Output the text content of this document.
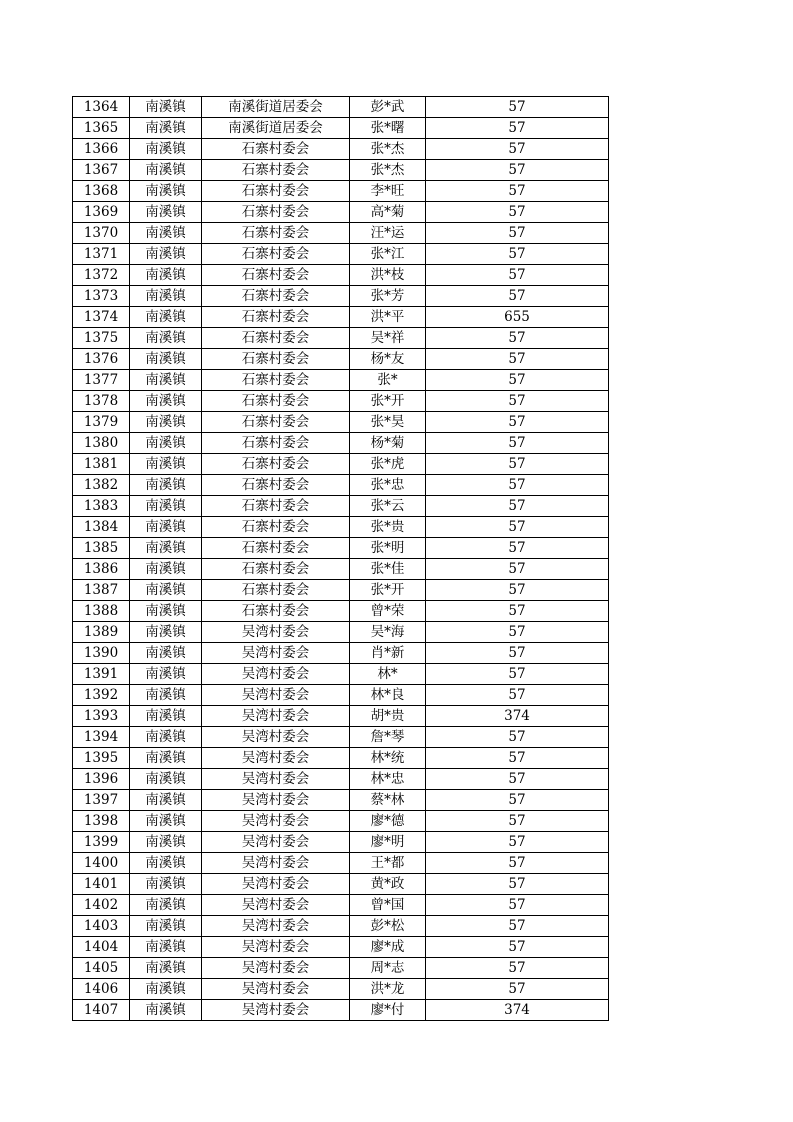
1364	南溪镇	南溪街道居委会	彭*武	57
1365	南溪镇	南溪街道居委会	张*曙	57
1366	南溪镇	石寨村委会	张*杰	57
1367	南溪镇	石寨村委会	张*杰	57
1368	南溪镇	石寨村委会	李*旺	57
1369	南溪镇	石寨村委会	高*菊	57
1370	南溪镇	石寨村委会	汪*运	57
1371	南溪镇	石寨村委会	张*江	57
1372	南溪镇	石寨村委会	洪*枝	57
1373	南溪镇	石寨村委会	张*芳	57
1374	南溪镇	石寨村委会	洪*平	655
1375	南溪镇	石寨村委会	吴*祥	57
1376	南溪镇	石寨村委会	杨*友	57
1377	南溪镇	石寨村委会	张*	57
1378	南溪镇	石寨村委会	张*开	57
1379	南溪镇	石寨村委会	张*昊	57
1380	南溪镇	石寨村委会	杨*菊	57
1381	南溪镇	石寨村委会	张*虎	57
1382	南溪镇	石寨村委会	张*忠	57
1383	南溪镇	石寨村委会	张*云	57
1384	南溪镇	石寨村委会	张*贵	57
1385	南溪镇	石寨村委会	张*明	57
1386	南溪镇	石寨村委会	张*佳	57
1387	南溪镇	石寨村委会	张*开	57
1388	南溪镇	石寨村委会	曾*荣	57
1389	南溪镇	吴湾村委会	吴*海	57
1390	南溪镇	吴湾村委会	肖*新	57
1391	南溪镇	吴湾村委会	林*	57
1392	南溪镇	吴湾村委会	林*良	57
1393	南溪镇	吴湾村委会	胡*贵	374
1394	南溪镇	吴湾村委会	詹*琴	57
1395	南溪镇	吴湾村委会	林*统	57
1396	南溪镇	吴湾村委会	林*忠	57
1397	南溪镇	吴湾村委会	蔡*林	57
1398	南溪镇	吴湾村委会	廖*德	57
1399	南溪镇	吴湾村委会	廖*明	57
1400	南溪镇	吴湾村委会	王*都	57
1401	南溪镇	吴湾村委会	黄*政	57
1402	南溪镇	吴湾村委会	曾*国	57
1403	南溪镇	吴湾村委会	彭*松	57
1404	南溪镇	吴湾村委会	廖*成	57
1405	南溪镇	吴湾村委会	周*志	57
1406	南溪镇	吴湾村委会	洪*龙	57
1407	南溪镇	吴湾村委会	廖*付	374
